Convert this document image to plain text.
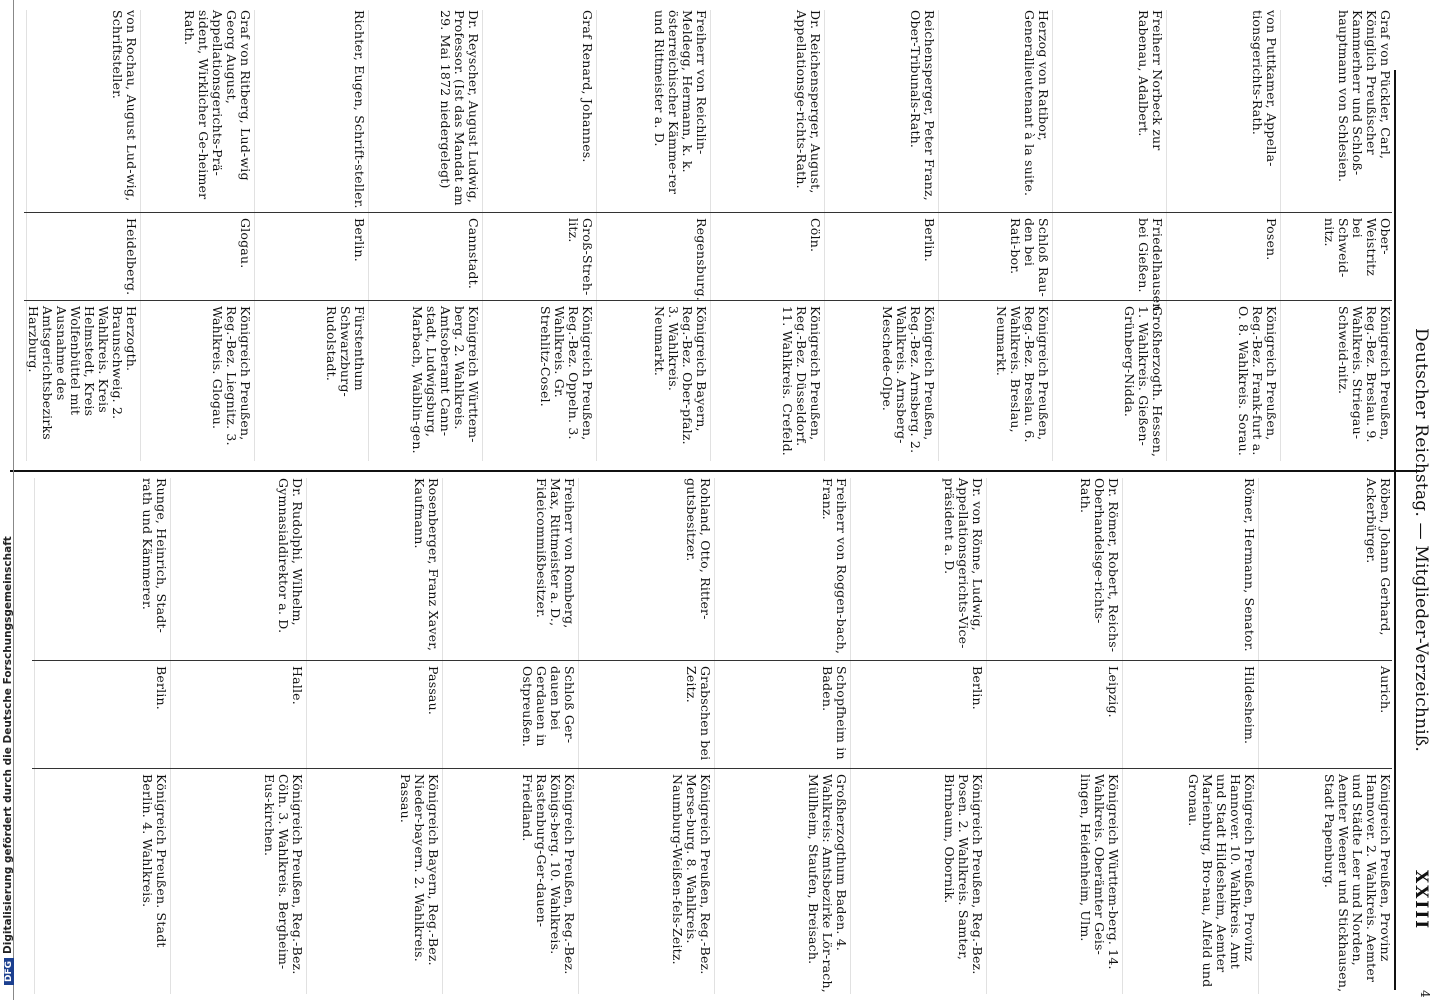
Deutscher Reichstag. — Mitglieder-Verzeichniß.
XXIII
4
Graf von Pückler, Carl, Königlich Preußischer Kammerherr und Schloß-hauptmann von Schlesien.
Ober-Weistritz bei Schweid-nitz.
Königreich Preußen, Reg.-Bez. Breslau. 9. Wahlkreis. Striegau-Schweid-nitz.
von Puttkamer, Appella-tionsgerichts-Rath.
Posen.
Königreich Preußen, Reg.-Bez. Frank-furt a. O. 8. Wahlkreis. Sorau.
Freiherr Norbeck zur Rabenau, Adalbert.
Friedelhausen bei Gießen.
Großherzogth. Hessen, 1. Wahlkreis. Gießen-Grünberg-Nidda.
Herzog von Ratibor, Generallieutenant à la suite.
Schloß Rau-den bei Rati-bor.
Königreich Preußen, Reg.-Bez. Breslau. 6. Wahlkreis. Breslau, Neumarkt.
Reichensperger, Peter Franz, Ober-Tribunals-Rath.
Berlin.
Königreich Preußen, Reg.-Bez. Arnsberg. 2. Wahlkreis. Arnsberg-Meschede-Olpe.
Dr. Reichensperger, August, Appellationsge-richts-Rath.
Cöln.
Königreich Preußen, Reg.-Bez. Düsseldorf. 11. Wahlkreis. Crefeld.
Freiherr von Reichlin-Meldegg, Hermann, k. k. österreichischer Kämme-rer und Rittmeister a. D.
Regensburg.
Königreich Bayern, Reg.-Bez. Ober-pfalz. 3. Wahlkreis. Neumarkt.
Graf Renard, Johannes.
Groß-Streh-litz.
Königreich Preußen, Reg.-Bez. Oppeln. 3. Wahlkreis. Gr. Strehlitz-Cosel.
Dr. Reyscher, August Ludwig, Professor. (Ist das Mandat am 29. Mai 1872 niedergelegt)
Cannstadt.
Königreich Württem-berg. 2. Wahlkreis. Amtsoberamt Cann-stadt, Ludwigsburg, Marbach, Waiblin-gen.
Richter, Eugen, Schrift-steller.
Berlin.
Fürstenthum Schwarzburg-Rudolstadt.
Graf von Ritberg, Lud-wig Georg August, Appellationsgerichts-Prä-sident, Wirklicher Ge-heimer Rath.
Glogau.
Königreich Preußen, Reg.-Bez. Liegnitz. 3. Wahlkreis. Glogau.
von Rochau, August Lud-wig, Schriftsteller.
Heidelberg.
Herzogth. Braunschweig. 2. Wahlkreis. Kreis Helmstedt, Kreis Wolfenbüttel mit Ausnahme des Amtsgerichtsbezirks Harzburg.
Röben, Johann Gerhard, Ackerbürger.
Aurich.
Königreich Preußen, Provinz Hannover. 2. Wahlkreis. Aemter und Städte Leer und Norden, Aemter Weener und Stickhausen, Stadt Papenburg.
Römer, Hermann, Senator.
Hildesheim.
Königreich Preußen, Provinz Hannover. 10. Wahlkreis. Amt und Stadt Hildesheim, Aemter Marienburg, Bro-nau, Alfeld und Gronau.
Dr. Römer, Robert, Reichs-Oberhandelsge-richts-Rath.
Leipzig.
Königreich Württem-berg. 14. Wahlkreis. Oberämter Geis-lingen, Heidenheim, Ulm.
Dr. von Rönne, Ludwig, Appellationsgerichts-Vice-präsident a. D.
Berlin.
Königreich Preußen, Reg.-Bez. Posen. 2. Wahlkreis. Samter, Birnbaum, Obornik.
Freiherr von Roggen-bach, Franz.
Schopfheim in Baden.
Großherzogthum Baden. 4. Wahlkreis: Amtsbezirke Lör-rach, Müllheim, Staufen, Breisach.
Rohland, Otto, Ritter-gutsbesitzer.
Grabschen bei Zeitz.
Königreich Preußen, Reg.-Bez. Merse-burg. 8. Wahlkreis. Naumburg-Weißen-fels-Zeitz.
Freiherr von Romberg, Max, Rittmeister a. D., Fideicommißbesitzer.
Schloß Ger-dauen bei Gerdauen in Ostpreußen.
Königreich Preußen, Reg.-Bez. Königs-berg. 10. Wahlkreis. Rastenburg-Ger-dauen-Friedland.
Rosenberger, Franz Xaver, Kaufmann.
Passau.
Königreich Bayern, Reg.-Bez. Nieder-bayern. 2. Wahlkreis. Passau.
Dr. Rudolphi, Wilhelm, Gymnasialdirektor a. D.
Halle.
Königreich Preußen, Reg.-Bez. Cöln. 3. Wahlkreis. Bergheim-Eus-kirchen.
Runge, Heinrich, Stadt-rath und Kämmerer.
Berlin.
Königreich Preußen. Stadt Berlin. 4. Wahlkreis.
DFGDigitalisierung gefördert durch die Deutsche Forschungsgemeinschaft
